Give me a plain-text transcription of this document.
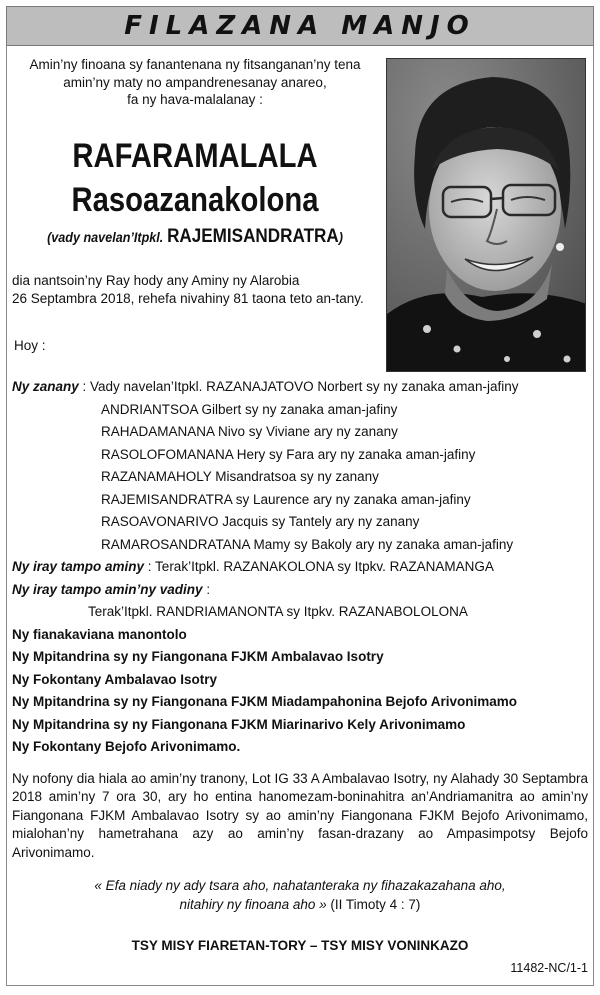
FILAZANA MANJO
Amin’ny finoana sy fanantenana ny fitsanganan’ny tena
amin’ny maty no ampandrenesanay anareo,
fa ny hava-malalanay :
RAFARAMALALA
Rasoazanakolona
(vady navelan’Itpkl. RAJEMISANDRATRA)
dia nantsoin’ny Ray hody any Aminy ny Alarobia
26 Septambra 2018, rehefa nivahiny 81 taona teto an-tany.
Hoy :
Ny zanany : Vady navelan’Itpkl. RAZANAJATOVO Norbert sy ny zanaka aman-jafiny
ANDRIANTSOA Gilbert sy ny zanaka aman-jafiny
RAHADAMANANA Nivo sy Viviane ary ny zanany
RASOLOFOMANANA Hery sy Fara ary ny zanaka aman-jafiny
RAZANAMAHOLY Misandratsoa sy ny zanany
RAJEMISANDRATRA sy Laurence ary ny zanaka aman-jafiny
RASOAVONARIVO Jacquis sy Tantely ary ny zanany
RAMAROSANDRATANA Mamy sy Bakoly ary ny zanaka aman-jafiny
Ny iray tampo aminy : Terak’Itpkl. RAZANAKOLONA sy Itpkv. RAZANAMANGA
Ny iray tampo amin’ny vadiny :
Terak’Itpkl. RANDRIAMANONTA sy Itpkv. RAZANABOLOLONA
Ny fianakaviana manontolo
Ny Mpitandrina sy ny Fiangonana FJKM Ambalavao Isotry
Ny Fokontany Ambalavao Isotry
Ny Mpitandrina sy ny Fiangonana FJKM Miadampahonina Bejofo Arivonimamo
Ny Mpitandrina sy ny Fiangonana FJKM Miarinarivo Kely Arivonimamo
Ny Fokontany Bejofo Arivonimamo.
Ny nofony dia hiala ao amin’ny tranony, Lot IG 33 A Ambalavao Isotry, ny Alahady 30 Septambra 2018 amin’ny 7 ora 30, ary ho entina hanomezam-boninahitra an’Andriamanitra ao amin’ny Fiangonana FJKM Ambalavao Isotry sy ao amin’ny Fiangonana FJKM Bejofo Arivonimamo, mialohan’ny hametrahana azy ao amin’ny fasan-drazany ao Ampasimpotsy Bejofo Arivonimamo.
« Efa niady ny ady tsara aho, nahatanteraka ny fihazakazahana aho,
nitahiry ny finoana aho » (II Timoty 4 : 7)
TSY MISY FIARETAN-TORY – TSY MISY VONINKAZO
11482-NC/1-1
